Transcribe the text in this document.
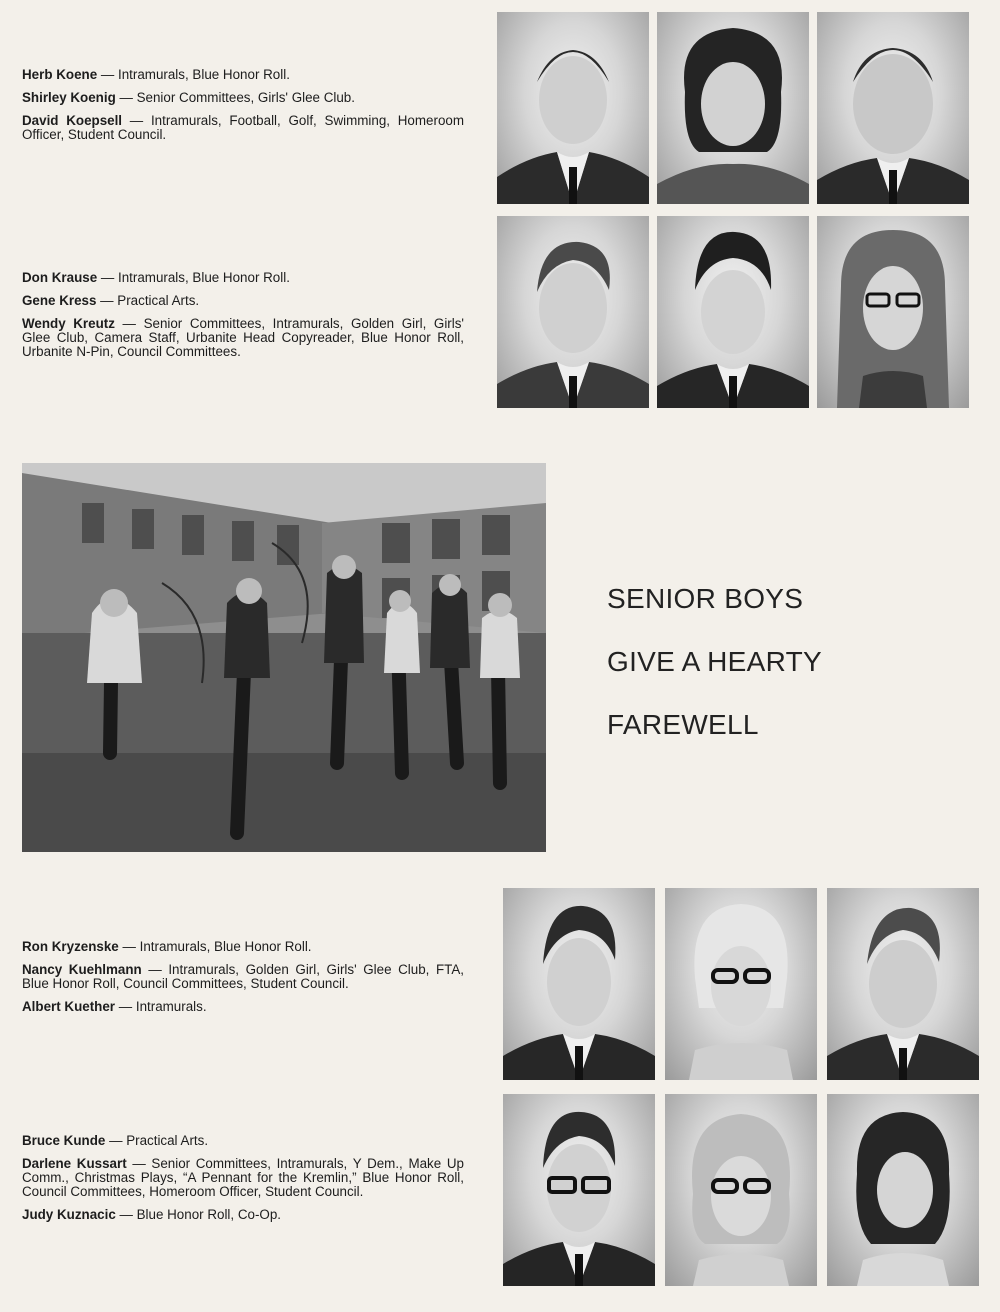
Herb Koene — Intramurals, Blue Honor Roll.

Shirley Koenig — Senior Committees, Girls' Glee Club.

David Koepsell — Intramurals, Football, Golf, Swimming, Homeroom Officer, Student Council.

Don Krause — Intramurals, Blue Honor Roll.

Gene Kress — Practical Arts.

Wendy Kreutz — Senior Committees, Intramurals, Golden Girl, Girls' Glee Club, Camera Staff, Urbanite Head Copyreader, Blue Honor Roll, Urbanite N-Pin, Council Committees.

SENIOR BOYS
GIVE A HEARTY
FAREWELL

Ron Kryzenske — Intramurals, Blue Honor Roll.

Nancy Kuehlmann — Intramurals, Golden Girl, Girls' Glee Club, FTA, Blue Honor Roll, Council Committees, Student Council.

Albert Kuether — Intramurals.

Bruce Kunde — Practical Arts.

Darlene Kussart — Senior Committees, Intramurals, Y Dem., Make Up Comm., Christmas Plays, “A Pennant for the Kremlin,” Blue Honor Roll, Council Committees, Homeroom Officer, Student Council.

Judy Kuznacic — Blue Honor Roll, Co-Op.
